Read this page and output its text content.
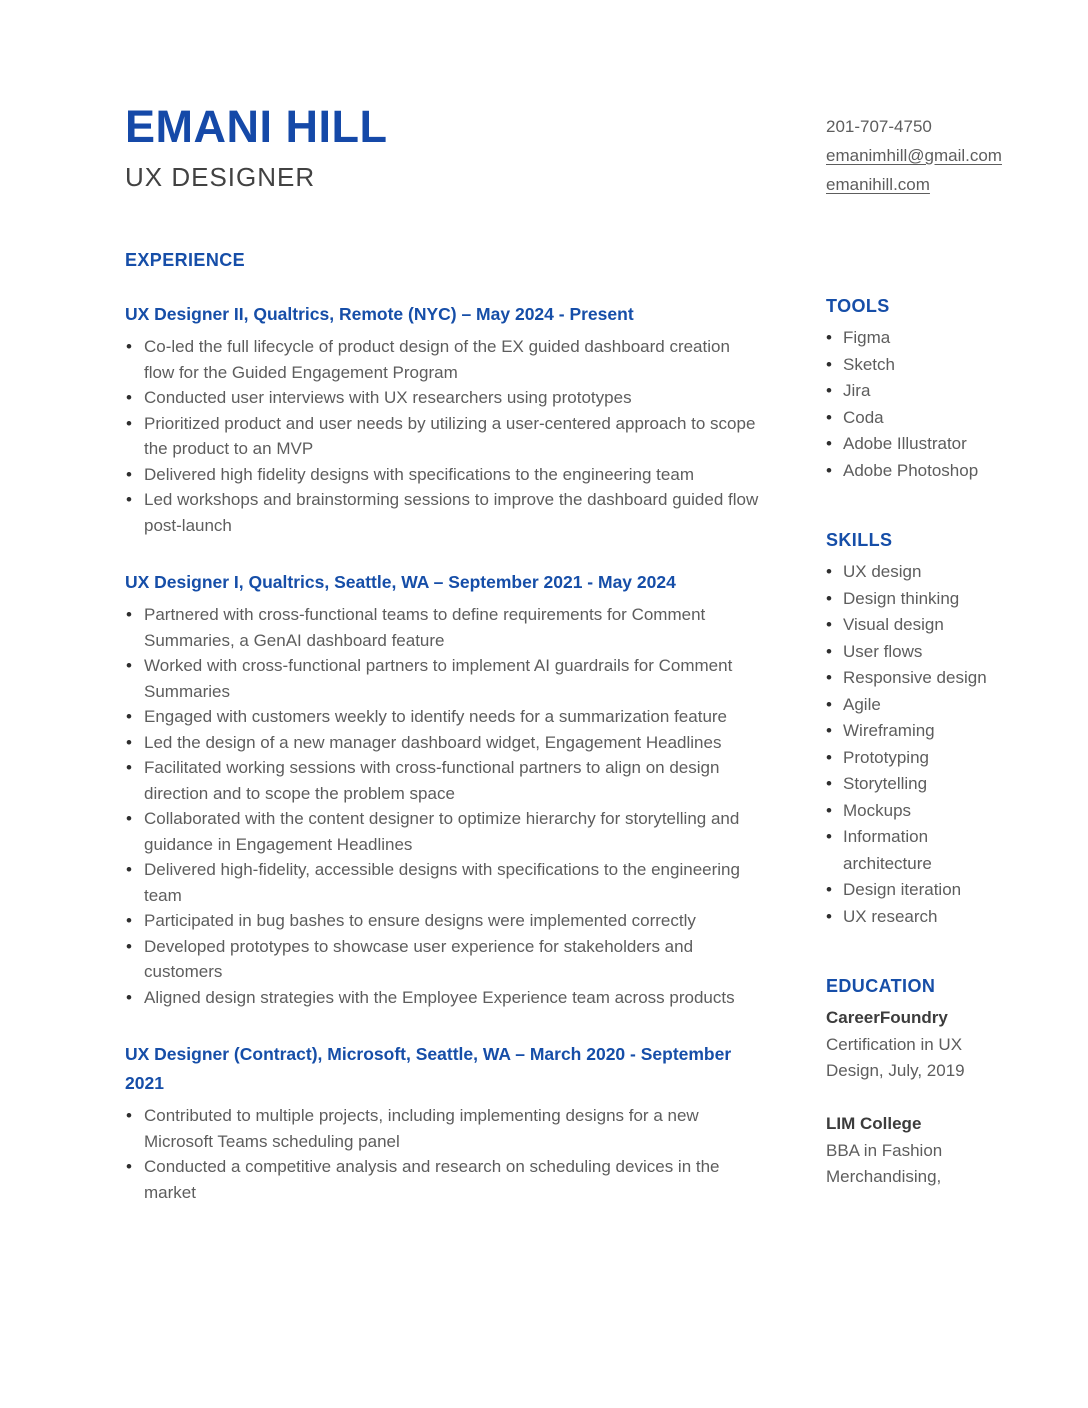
EMANI HILL
UX DESIGNER
201-707-4750
emanimhill@gmail.com
emanihill.com
EXPERIENCE
UX Designer II, Qualtrics, Remote (NYC) – May 2024 - Present
• Co-led the full lifecycle of product design of the EX guided dashboard creation flow for the Guided Engagement Program
• Conducted user interviews with UX researchers using prototypes
• Prioritized product and user needs by utilizing a user-centered approach to scope the product to an MVP
• Delivered high fidelity designs with specifications to the engineering team
• Led workshops and brainstorming sessions to improve the dashboard guided flow post-launch
UX Designer I, Qualtrics, Seattle, WA – September 2021 - May 2024
• Partnered with cross-functional teams to define requirements for Comment Summaries, a GenAI dashboard feature
• Worked with cross-functional partners to implement AI guardrails for Comment Summaries
• Engaged with customers weekly to identify needs for a summarization feature
• Led the design of a new manager dashboard widget, Engagement Headlines
• Facilitated working sessions with cross-functional partners to align on design direction and to scope the problem space
• Collaborated with the content designer to optimize hierarchy for storytelling and guidance in Engagement Headlines
• Delivered high-fidelity, accessible designs with specifications to the engineering team
• Participated in bug bashes to ensure designs were implemented correctly
• Developed prototypes to showcase user experience for stakeholders and customers
• Aligned design strategies with the Employee Experience team across products
UX Designer (Contract), Microsoft, Seattle, WA – March 2020 - September 2021
• Contributed to multiple projects, including implementing designs for a new Microsoft Teams scheduling panel
• Conducted a competitive analysis and research on scheduling devices in the market
TOOLS
• Figma
• Sketch
• Jira
• Coda
• Adobe Illustrator
• Adobe Photoshop
SKILLS
• UX design
• Design thinking
• Visual design
• User flows
• Responsive design
• Agile
• Wireframing
• Prototyping
• Storytelling
• Mockups
• Information architecture
• Design iteration
• UX research
EDUCATION
CareerFoundry
Certification in UX Design, July, 2019
LIM College
BBA in Fashion Merchandising,
